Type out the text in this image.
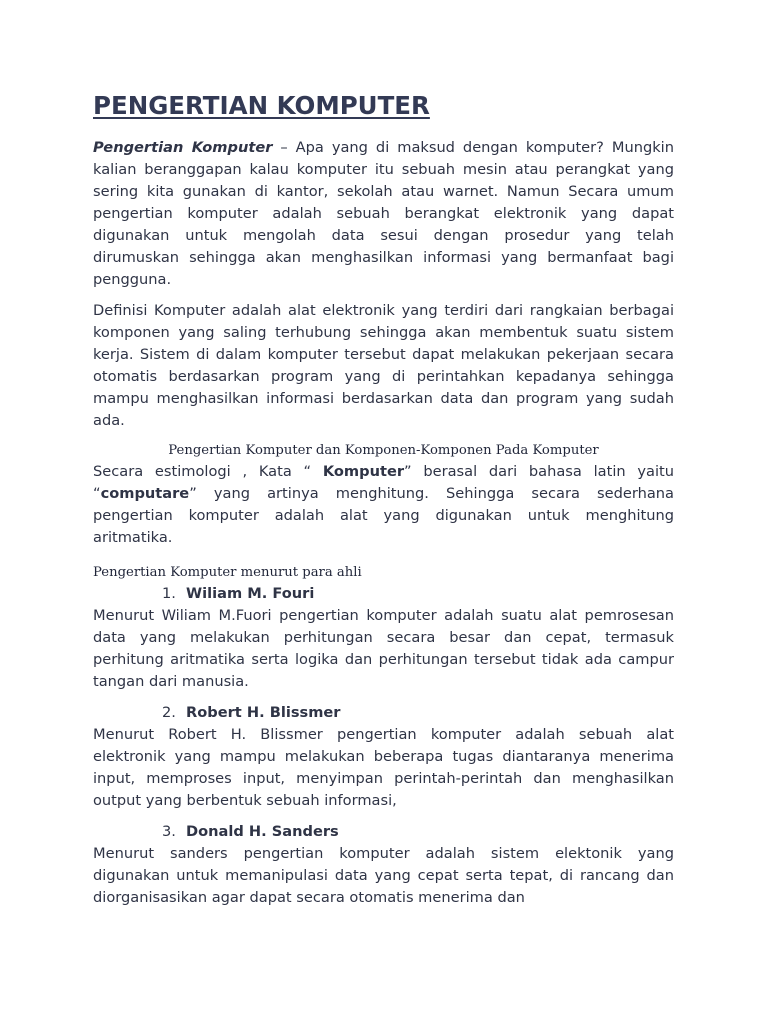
PENGERTIAN KOMPUTER

Pengertian Komputer – Apa yang di maksud dengan komputer? Mungkin kalian beranggapan kalau komputer itu sebuah mesin atau perangkat yang sering kita gunakan di kantor, sekolah atau warnet. Namun Secara umum pengertian komputer adalah sebuah berangkat elektronik yang dapat digunakan untuk mengolah data sesui dengan prosedur yang telah dirumuskan sehingga akan menghasilkan informasi yang bermanfaat bagi pengguna.

Definisi Komputer adalah alat elektronik yang terdiri dari rangkaian berbagai komponen yang saling terhubung sehingga akan membentuk suatu sistem kerja. Sistem di dalam komputer tersebut dapat melakukan pekerjaan secara otomatis berdasarkan program yang di perintahkan kepadanya sehingga mampu menghasilkan informasi berdasarkan data dan program yang sudah ada.

Pengertian Komputer dan Komponen-Komponen Pada Komputer

Secara estimologi , Kata “ Komputer” berasal dari bahasa latin yaitu “computare” yang artinya menghitung. Sehingga secara sederhana pengertian komputer adalah alat yang digunakan untuk menghitung aritmatika.

Pengertian Komputer menurut para ahli
1. Wiliam M. Fouri

Menurut Wiliam M.Fuori pengertian komputer adalah suatu alat pemrosesan data yang melakukan perhitungan secara besar dan cepat, termasuk perhitung aritmatika serta logika dan perhitungan tersebut tidak ada campur tangan dari manusia.

2. Robert H. Blissmer

Menurut Robert H. Blissmer pengertian komputer adalah sebuah alat elektronik yang mampu melakukan beberapa tugas diantaranya menerima input, memproses input, menyimpan perintah-perintah dan menghasilkan output yang berbentuk sebuah informasi,

3. Donald H. Sanders

Menurut sanders pengertian komputer adalah sistem elektonik yang digunakan untuk memanipulasi data yang cepat serta tepat, di rancang dan diorganisasikan agar dapat secara otomatis menerima dan
